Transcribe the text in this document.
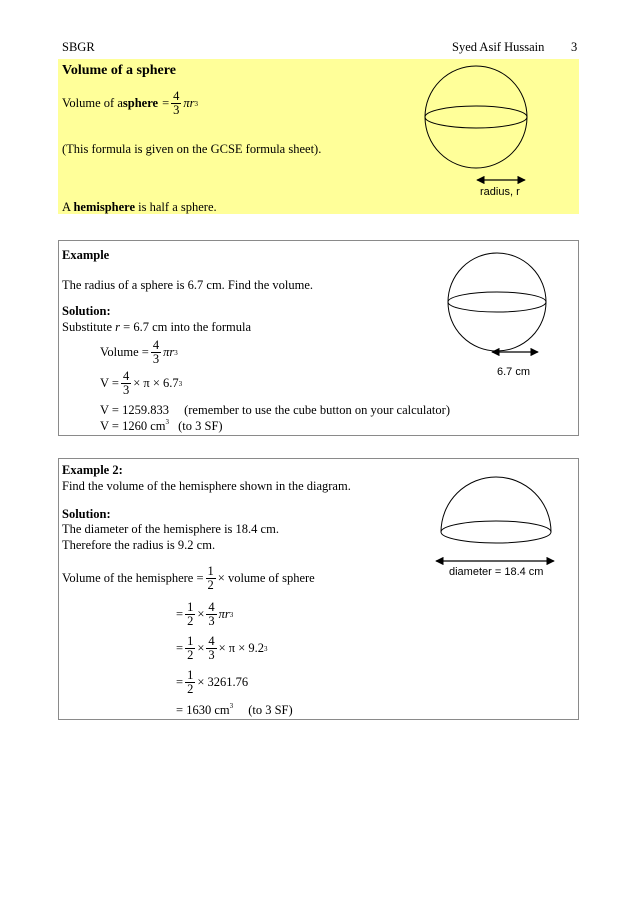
SBGR	Syed Asif Hussain 3
Volume of a sphere
Volume of a sphere = $\frac{4}{3}$ πr 3
(This formula is given on the GCSE formula sheet).
A hemisphere is half a sphere.
radius, r
Example
The radius of a sphere is 6.7 cm. Find the volume.
Solution:
Substitute r = 6.7 cm into the formula
Volume = $\frac{4}{3}$ πr 3
$V = \frac{4}{3} \times \pi \times 6.7$ 3
V = 1259.833 (remember to use the cube button on your calculator)
V = 1260 $cm^3$ (to 3 SF)
6.7 cm
Example 2:
Find the volume of the hemisphere shown in the diagram.
Solution:
The diameter of the hemisphere is 18.4 cm.
Therefore the radius is 9.2 cm.
Volume of the hemisphere = $\frac{1}{2}$ × volume of sphere
= $\frac{1}{2} \times \frac{4}{3}$ πr 3
= $\frac{1}{2} \times \frac{4}{3} \times \pi \times 9.2$ 3
= $\frac{1}{2} \times 3261.76$
= 1630 $cm^3$ (to 3 SF)
diameter = 18.4 cm
